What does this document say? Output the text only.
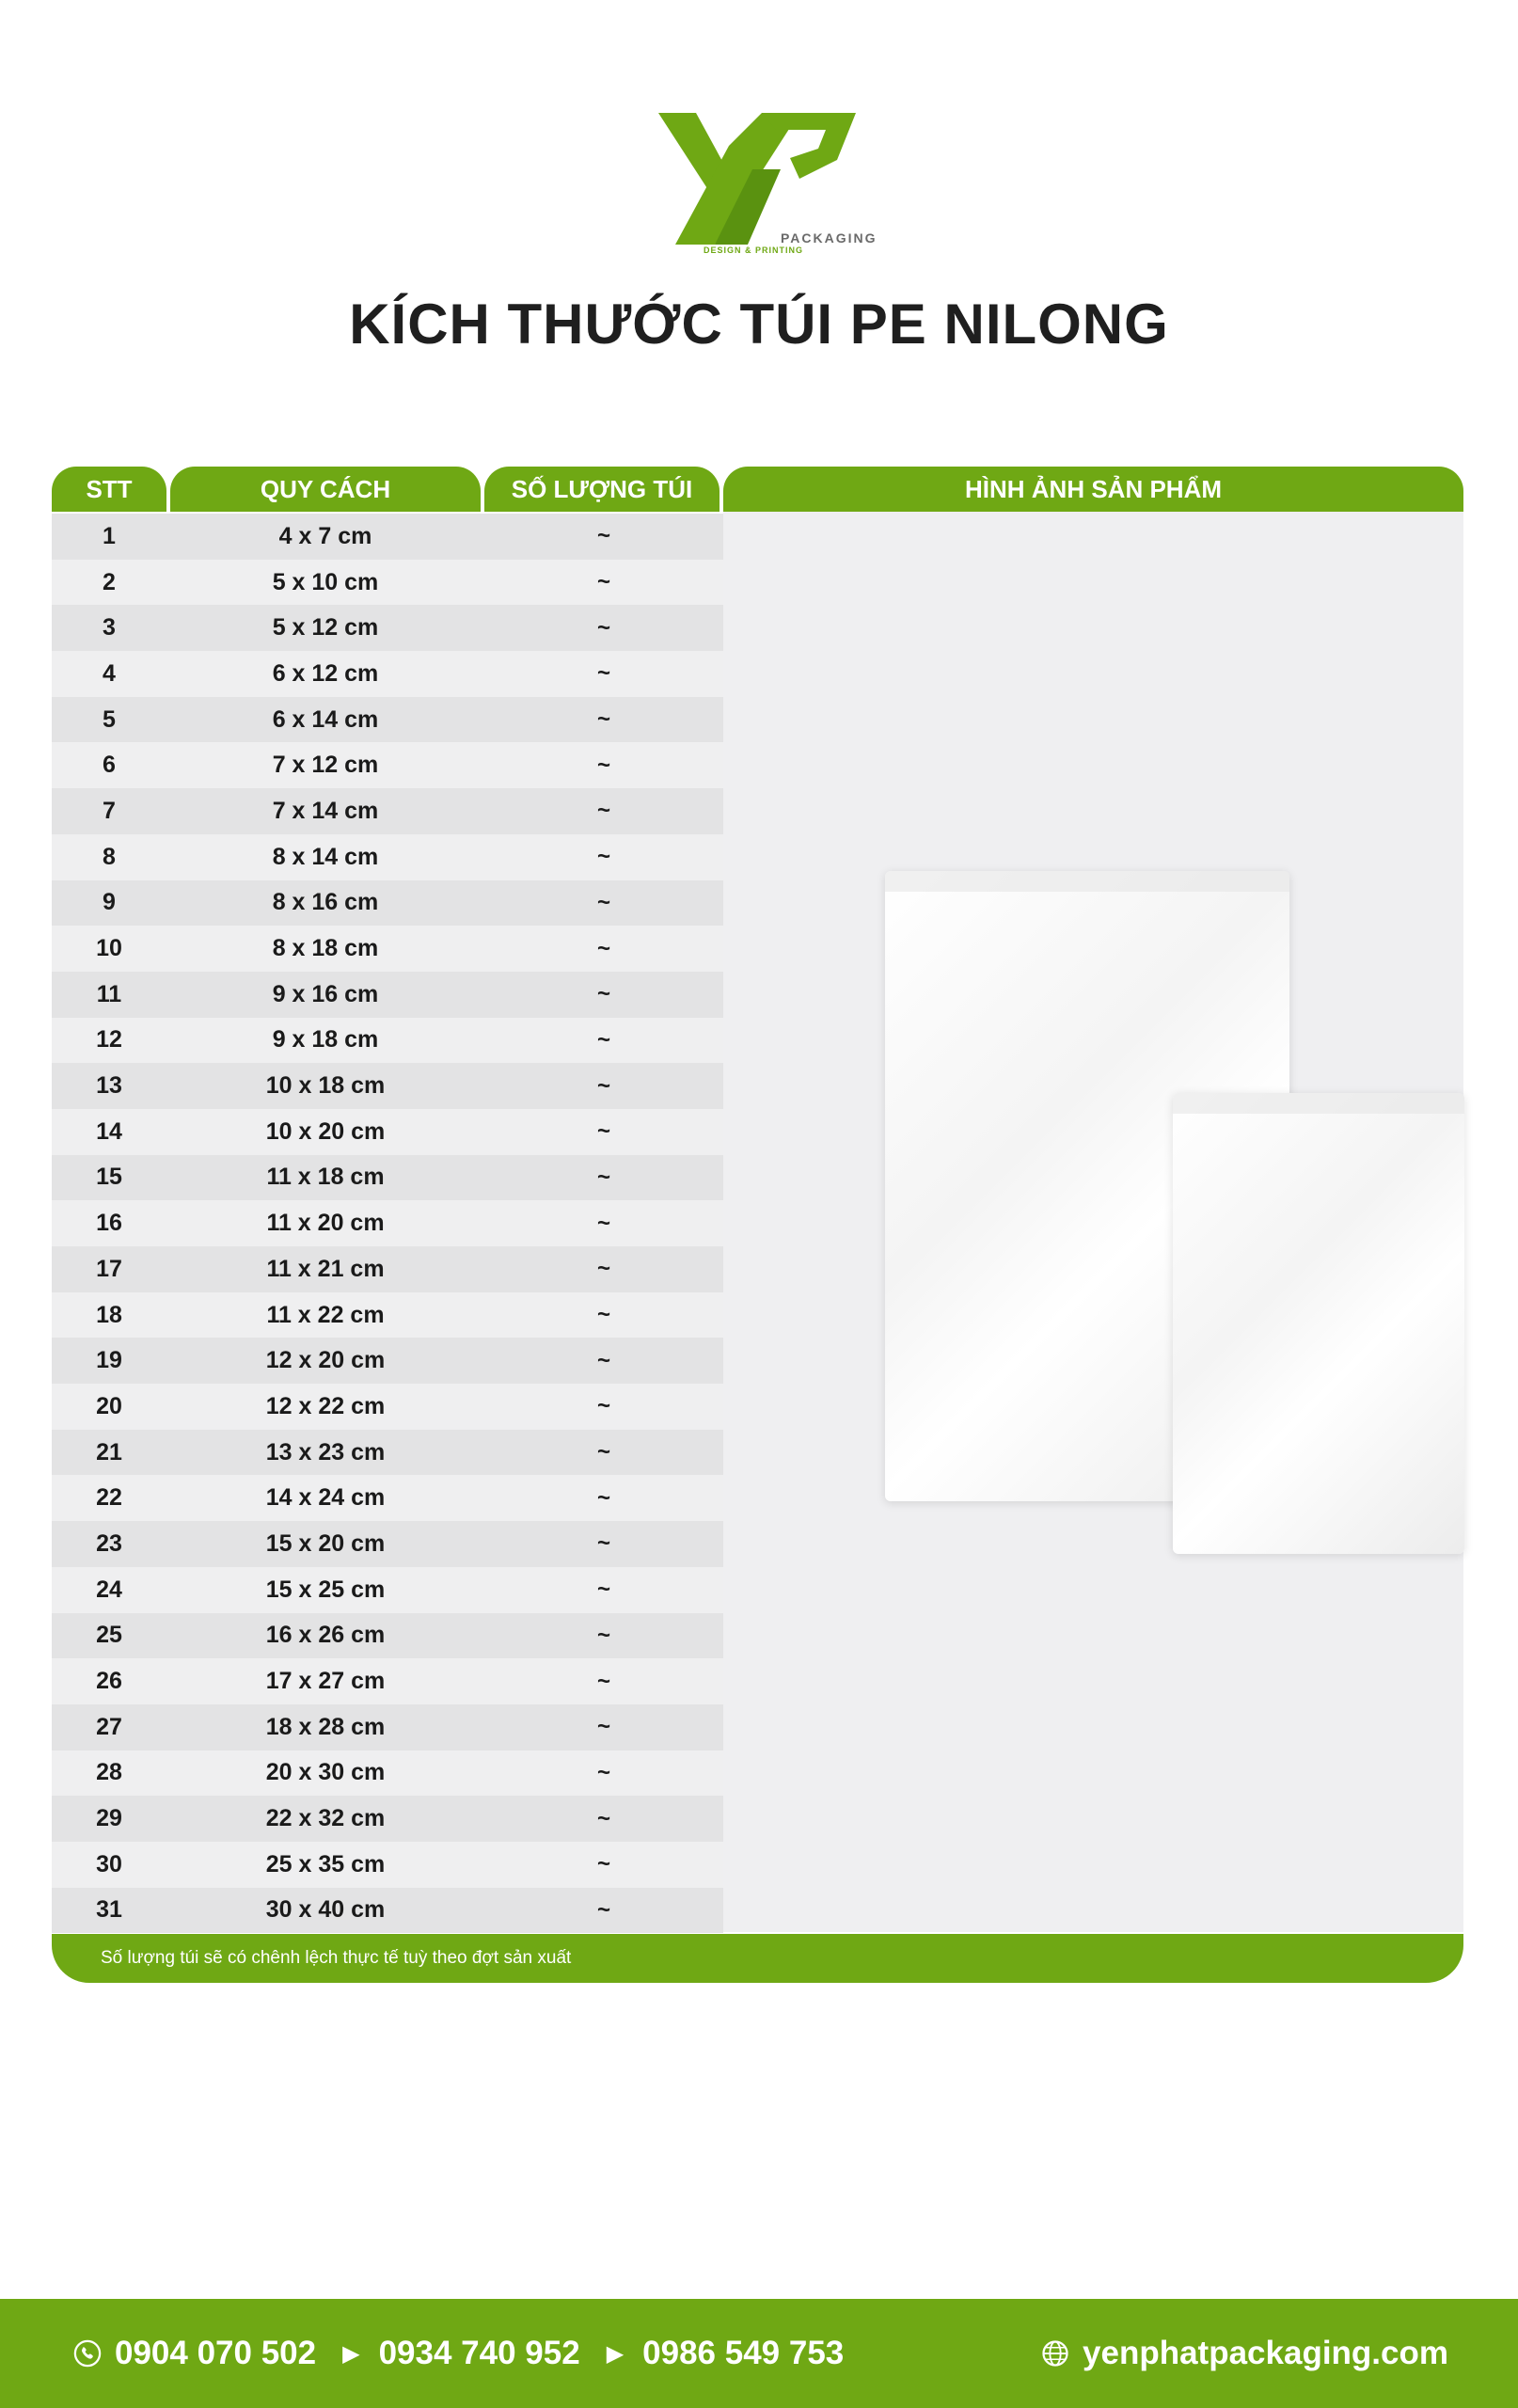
PACKAGING
DESIGN & PRINTING
KÍCH THƯỚC TÚI PE NILONG
STT	QUY CÁCH	SỐ LƯỢNG TÚI	HÌNH ẢNH SẢN PHẨM
1	4 x 7 cm	~
2	5 x 10 cm	~
3	5 x 12 cm	~
4	6 x 12 cm	~
5	6 x 14 cm	~
6	7 x 12 cm	~
7	7 x 14 cm	~
8	8 x 14 cm	~
9	8 x 16 cm	~
10	8 x 18 cm	~
11	9 x 16 cm	~
12	9 x 18 cm	~
13	10 x 18 cm	~
14	10 x 20 cm	~
15	11 x 18 cm	~
16	11 x 20 cm	~
17	11 x 21 cm	~
18	11 x 22 cm	~
19	12 x 20 cm	~
20	12 x 22 cm	~
21	13 x 23 cm	~
22	14 x 24 cm	~
23	15 x 20 cm	~
24	15 x 25 cm	~
25	16 x 26 cm	~
26	17 x 27 cm	~
27	18 x 28 cm	~
28	20 x 30 cm	~
29	22 x 32 cm	~
30	25 x 35 cm	~
31	30 x 40 cm	~
Số lượng túi sẽ có chênh lệch thực tế tuỳ theo đợt sản xuất
0904 070 502 ▶ 0934 740 952 ▶ 0986 549 753	yenphatpackaging.com
